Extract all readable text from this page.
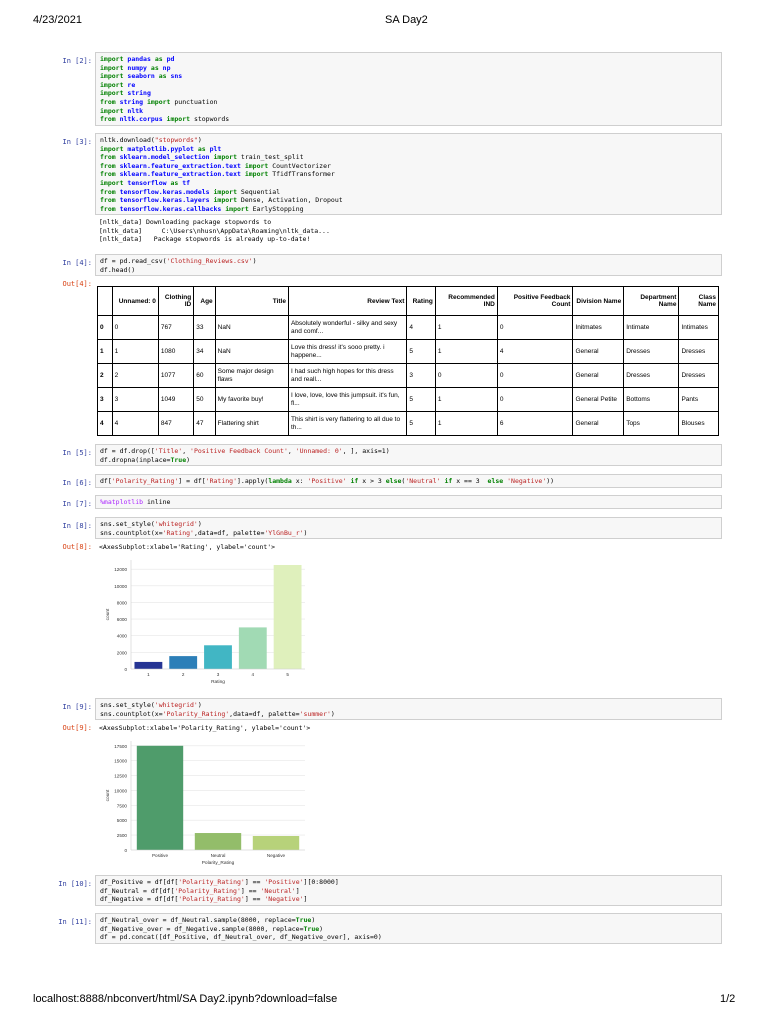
4/23/2021	SA Day2
In [2]:	import pandas as pd
import numpy as np
import seaborn as sns
import re
import string
from string import punctuation
import nltk
from nltk.corpus import stopwords
In [3]:	nltk.download("stopwords")
import matplotlib.pyplot as plt
from sklearn.model_selection import train_test_split
from sklearn.feature_extraction.text import CountVectorizer
from sklearn.feature_extraction.text import TfidfTransformer
import tensorflow as tf
from tensorflow.keras.models import Sequential
from tensorflow.keras.layers import Dense, Activation, Dropout
from tensorflow.keras.callbacks import EarlyStopping
[nltk_data] Downloading package stopwords to
[nltk_data]     C:\Users\nhusn\AppData\Roaming\nltk_data...
[nltk_data]   Package stopwords is already up-to-date!
In [4]:	df = pd.read_csv('Clothing_Reviews.csv')
df.head()
Out[4]:
	Unnamed: 0	Clothing ID	Age	Title	Review Text	Rating	Recommended IND	Positive Feedback Count	Division Name	Department Name	Class Name
0	0	767	33	NaN	Absolutely wonderful - silky and sexy and comf...	4	1	0	Initmates	Intimate	Intimates
1	1	1080	34	NaN	Love this dress! it's sooo pretty. i happene...	5	1	4	General	Dresses	Dresses
2	2	1077	60	Some major design flaws	I had such high hopes for this dress and reall...	3	0	0	General	Dresses	Dresses
3	3	1049	50	My favorite buy!	I love, love, love this jumpsuit. it's fun, fl...	5	1	0	General Petite	Bottoms	Pants
4	4	847	47	Flattering shirt	This shirt is very flattering to all due to th...	5	1	6	General	Tops	Blouses
In [5]:	df = df.drop(['Title', 'Positive Feedback Count', 'Unnamed: 0', ], axis=1)
df.dropna(inplace=True)
In [6]:	df['Polarity_Rating'] = df['Rating'].apply(lambda x: 'Positive' if x > 3 else('Neutral' if x == 3  else 'Negative'))
In [7]:	%matplotlib inline
In [8]:	sns.set_style('whitegrid')
sns.countplot(x='Rating',data=df, palette='YlGnBu_r')
Out[8]: <AxesSubplot:xlabel='Rating', ylabel='count'>
0
2000
4000
6000
8000
10000
12000
1	2	3	4	5
Rating
count
In [9]:	sns.set_style('whitegrid')
sns.countplot(x='Polarity_Rating',data=df, palette='summer')
Out[9]: <AxesSubplot:xlabel='Polarity_Rating', ylabel='count'>
0
2500
5000
7500
10000
12500
15000
17500
Positive	Neutral	Negative
Polarity_Rating
count
In [10]:	df_Positive = df[df['Polarity_Rating'] == 'Positive'][0:8000]
df_Neutral = df[df['Polarity_Rating'] == 'Neutral']
df_Negative = df[df['Polarity_Rating'] == 'Negative']
In [11]:	df_Neutral_over = df_Neutral.sample(8000, replace=True)
df_Negative_over = df_Negative.sample(8000, replace=True)
df = pd.concat([df_Positive, df_Neutral_over, df_Negative_over], axis=0)
localhost:8888/nbconvert/html/SA Day2.ipynb?download=false	1/2
